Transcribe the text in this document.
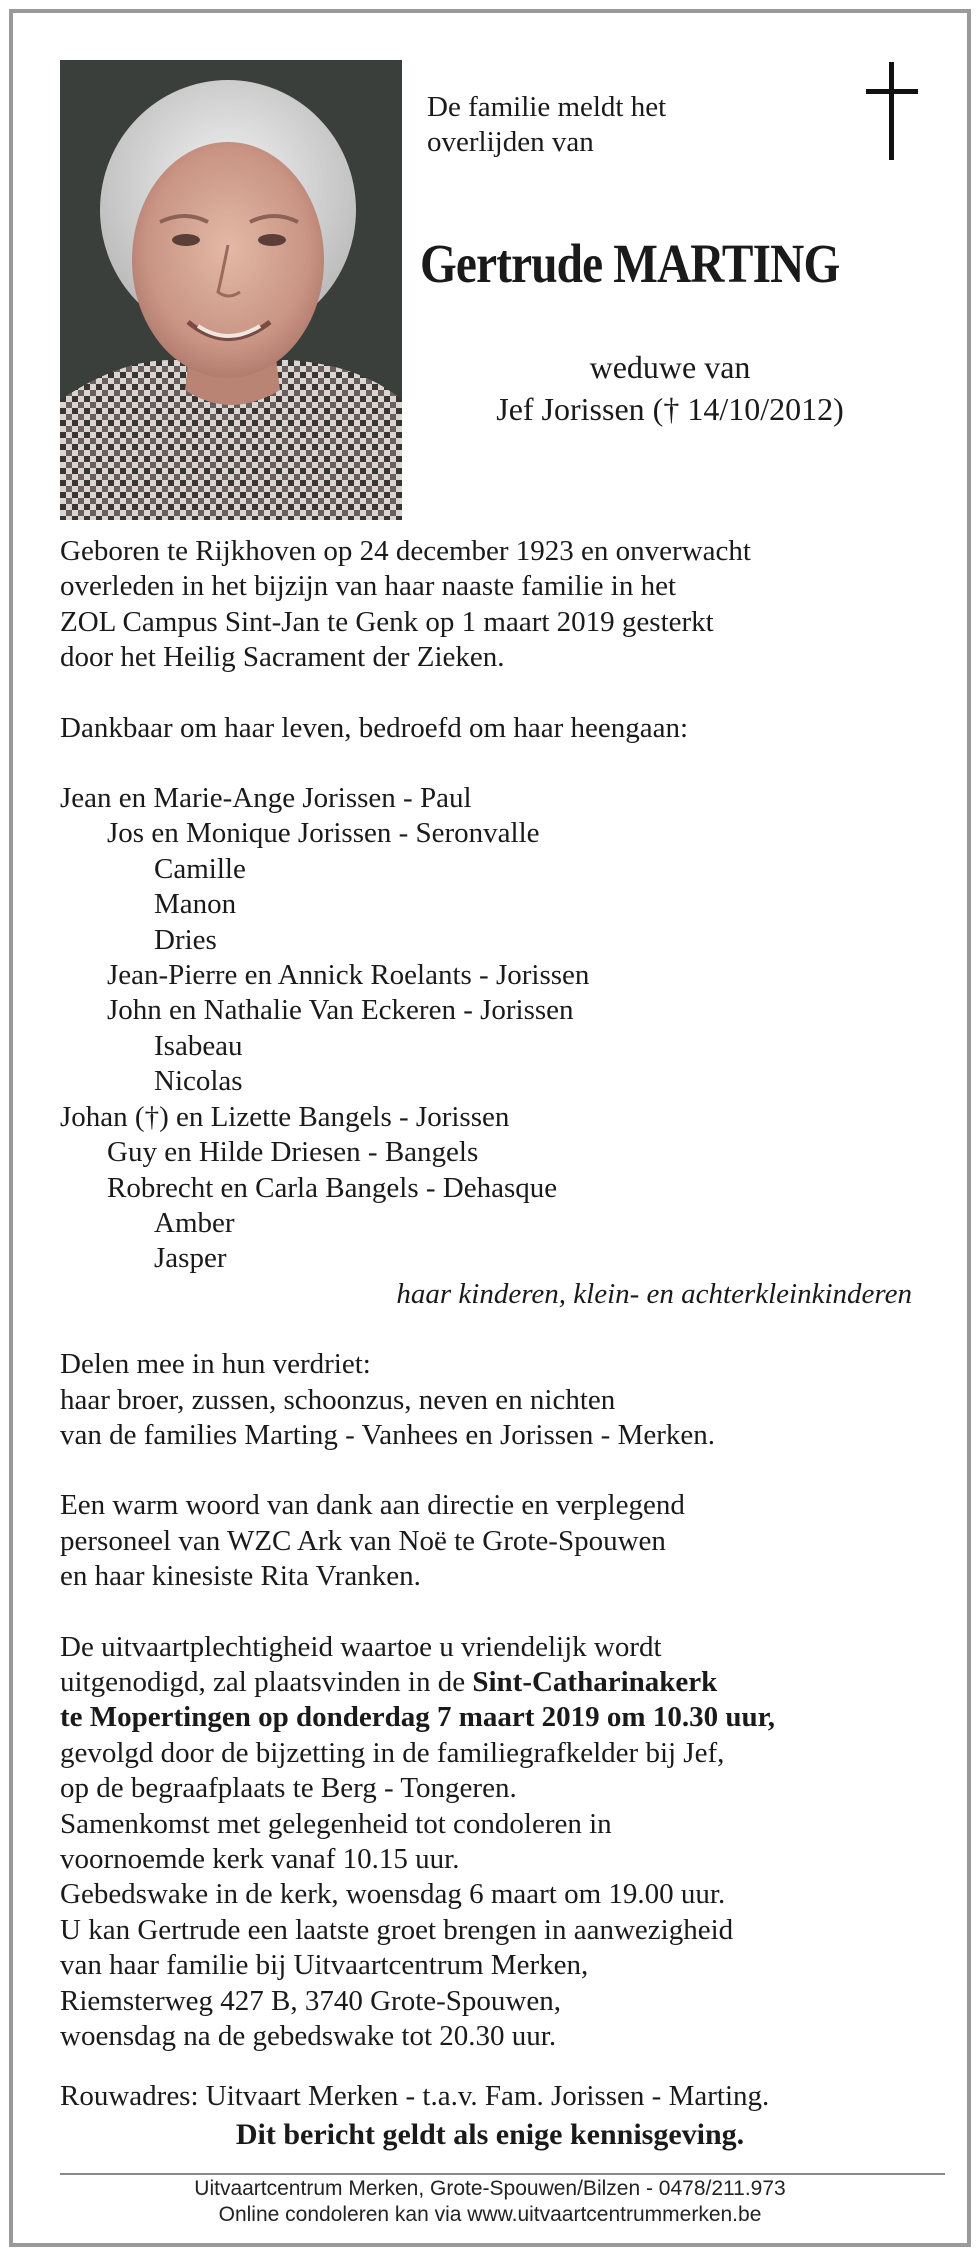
De familie meldt het
overlijden van
Gertrude MARTING
weduwe van
Jef Jorissen († 14/10/2012)
Geboren te Rijkhoven op 24 december 1923 en onverwacht
overleden in het bijzijn van haar naaste familie in het
ZOL Campus Sint-Jan te Genk op 1 maart 2019 gesterkt
door het Heilig Sacrament der Zieken.
Dankbaar om haar leven, bedroefd om haar heengaan:
Jean en Marie-Ange Jorissen - Paul
Jos en Monique Jorissen - Seronvalle
Camille
Manon
Dries
Jean-Pierre en Annick Roelants - Jorissen
John en Nathalie Van Eckeren - Jorissen
Isabeau
Nicolas
Johan (†) en Lizette Bangels - Jorissen
Guy en Hilde Driesen - Bangels
Robrecht en Carla Bangels - Dehasque
Amber
Jasper
haar kinderen, klein- en achterkleinkinderen
Delen mee in hun verdriet:
haar broer, zussen, schoonzus, neven en nichten
van de families Marting - Vanhees en Jorissen - Merken.
Een warm woord van dank aan directie en verplegend
personeel van WZC Ark van Noë te Grote-Spouwen
en haar kinesiste Rita Vranken.
De uitvaartplechtigheid waartoe u vriendelijk wordt
uitgenodigd, zal plaatsvinden in de Sint-Catharinakerk
te Mopertingen op donderdag 7 maart 2019 om 10.30 uur,
gevolgd door de bijzetting in de familiegrafkelder bij Jef,
op de begraafplaats te Berg - Tongeren.
Samenkomst met gelegenheid tot condoleren in
voornoemde kerk vanaf 10.15 uur.
Gebedswake in de kerk, woensdag 6 maart om 19.00 uur.
U kan Gertrude een laatste groet brengen in aanwezigheid
van haar familie bij Uitvaartcentrum Merken,
Riemsterweg 427 B, 3740 Grote-Spouwen,
woensdag na de gebedswake tot 20.30 uur.
Rouwadres: Uitvaart Merken - t.a.v. Fam. Jorissen - Marting.
Dit bericht geldt als enige kennisgeving.
Uitvaartcentrum Merken, Grote-Spouwen/Bilzen - 0478/211.973
Online condoleren kan via www.uitvaartcentrummerken.be
